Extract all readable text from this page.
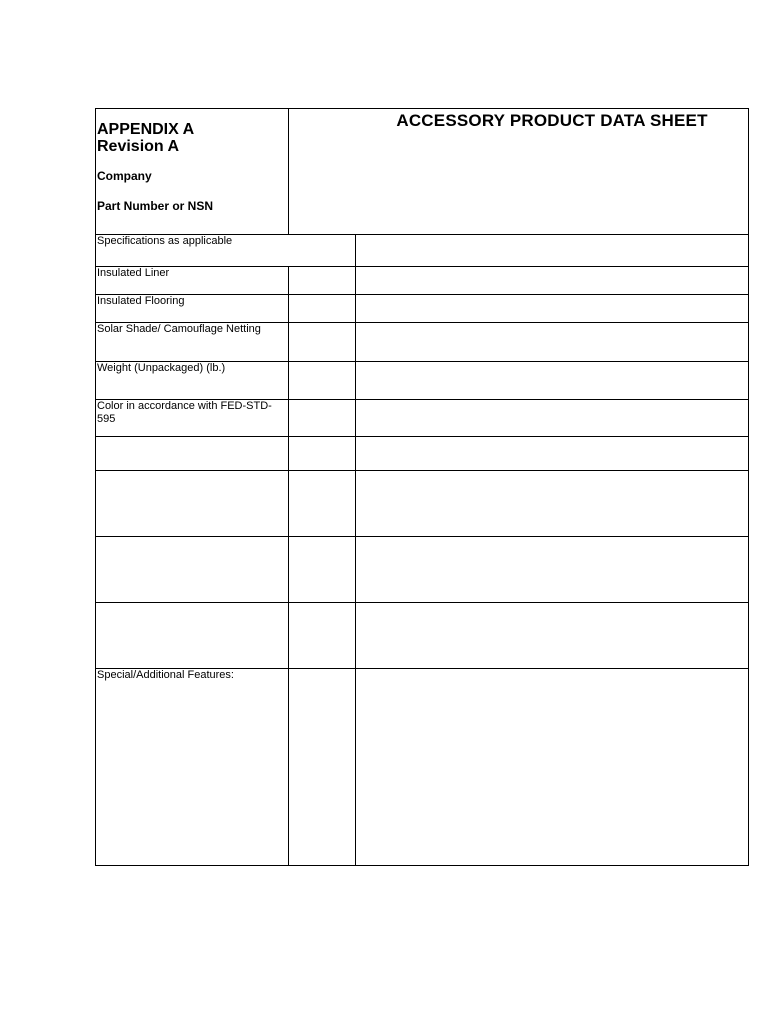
ACCESSORY PRODUCT DATA SHEET
APPENDIX A
Revision A
Company
Part Number or NSN
Specifications as applicable
Insulated Liner
Insulated Flooring
Solar Shade/ Camouflage Netting
Weight (Unpackaged) (lb.)
Color in accordance with FED-STD-595
Special/Additional Features:
